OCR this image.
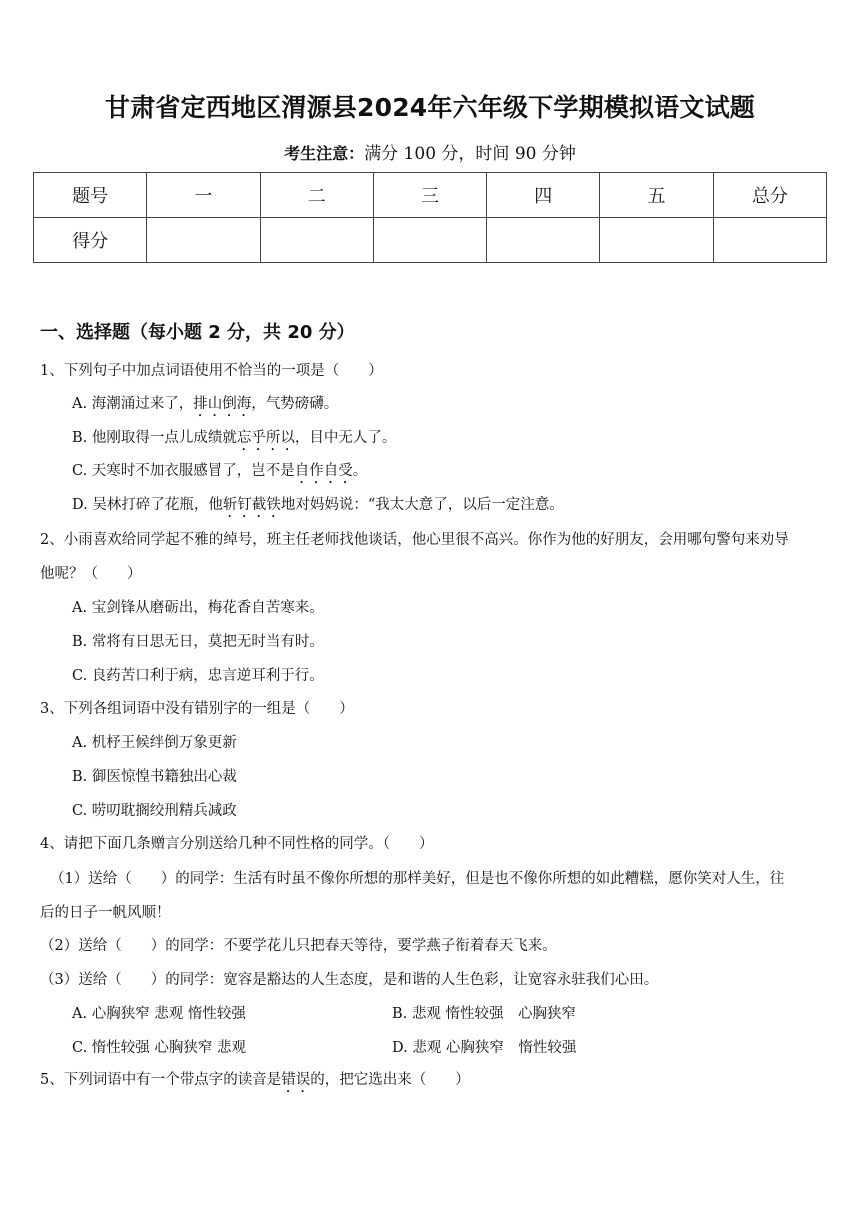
甘肃省定西地区渭源县2024年六年级下学期模拟语文试题
考生注意：满分 100 分，时间 90 分钟
题号	一	二	三	四	五	总分
得分						
一、选择题（每小题 2 分，共 20 分）
1、下列句子中加点词语使用不恰当的一项是（　　）
A. 海潮涌过来了，排山倒海，气势磅礴。
B. 他刚取得一点儿成绩就忘乎所以，目中无人了。
C. 天寒时不加衣服感冒了，岂不是自作自受。
D. 吴林打碎了花瓶，他斩钉截铁地对妈妈说：“我太大意了，以后一定注意。
2、小雨喜欢给同学起不雅的绰号，班主任老师找他谈话，他心里很不高兴。你作为他的好朋友，会用哪句警句来劝导
他呢？（　　）
A. 宝剑锋从磨砺出，梅花香自苦寒来。
B. 常将有日思无日，莫把无时当有时。
C. 良药苦口利于病，忠言逆耳利于行。
3、下列各组词语中没有错别字的一组是（　　）
A. 机杼王候绊倒万象更新
B. 御医惊惶书籍独出心裁
C. 唠叨耽搁绞刑精兵减政
4、请把下面几条赠言分别送给几种不同性格的同学。（　　）
（1）送给（　　）的同学：生活有时虽不像你所想的那样美好，但是也不像你所想的如此糟糕，愿你笑对人生，往
后的日子一帆风顺！
（2）送给（　　）的同学：不要学花儿只把春天等待，要学燕子衔着春天飞来。
（3）送给（　　）的同学：宽容是豁达的人生态度，是和谐的人生色彩，让宽容永驻我们心田。
A. 心胸狭窄 悲观 惰性较强	B. 悲观 惰性较强　心胸狭窄
C. 惰性较强 心胸狭窄 悲观	D. 悲观 心胸狭窄　惰性较强
5、下列词语中有一个带点字的读音是错误的，把它选出来（　　）
